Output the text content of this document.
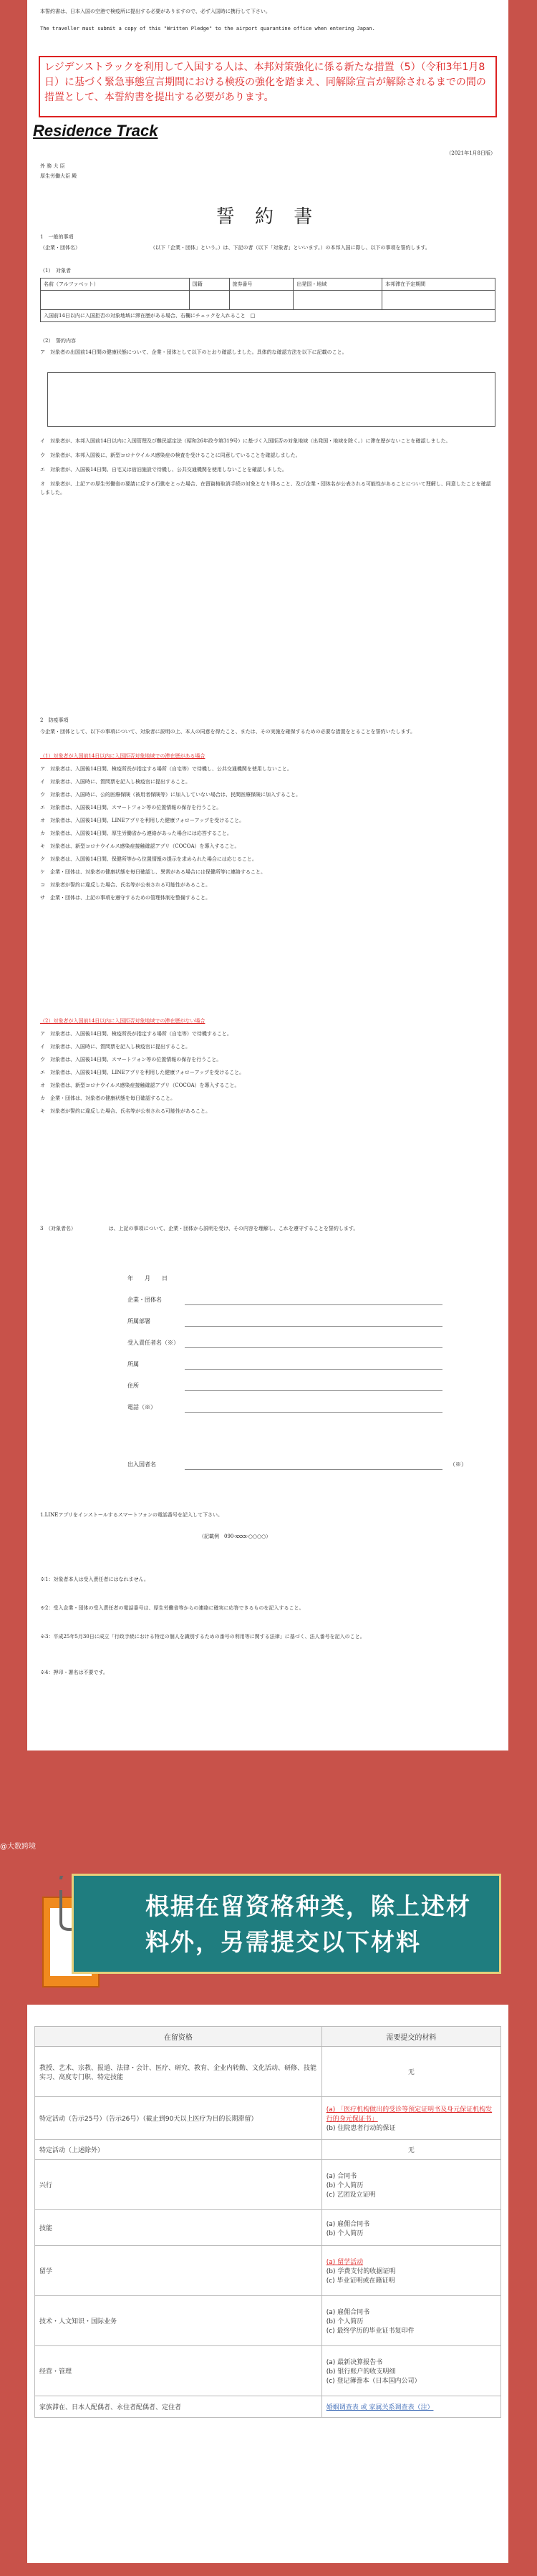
本誓約書は、日本入国の空港で検疫所に提出する必要がありますので、必ず入国時に携行して下さい。
The traveller must submit a copy of this "Written Pledge" to the airport quarantine office when entering Japan.
レジデンストラックを利用して入国する人は、本邦対策強化に係る新たな措置（5）（令和3年1月8日）に基づく緊急事態宣言期間における検疫の強化を踏まえ、同解除宣言が解除されるまでの間の措置として、本誓約書を提出する必要があります。
Residence Track
（2021年1月8日版）
外 務 大 臣
厚生労働大臣 殿
誓 約 書
1　一般的事項
（企業・団体名）　　　　　　　　　　　　　　　（以下「企業・団体」という。）は、下記の者（以下「対象者」といいます。）の本邦入国に際し、以下の事項を誓約します。
（1）　対象者
名前（アルファベット）	国籍	旅券番号	出発国・地域	本邦滞在予定期間

入国前14日以内に入国拒否の対象地域に滞在歴がある場合、右欄にチェックを入れること　□				
（2）　誓約内容
ア　対象者の出国前14日間の健康状態について、企業・団体として以下のとおり確認しました。具体的な確認方法を以下に記載のこと。
イ　対象者が、本邦入国前14日以内に入国管理及び難民認定法（昭和26年政令第319号）に基づく入国拒否の対象地域（出発国・地域を除く。）に滞在歴がないことを確認しました。
ウ　対象者が、本邦入国後に、新型コロナウイルス感染症の検査を受けることに同意していることを確認しました。
エ　対象者が、入国後14日間、自宅又は宿泊施設で待機し、公共交通機関を使用しないことを確認しました。
オ　対象者が、上記アの厚生労働省の要請に反する行動をとった場合、在留資格取消手続の対象となり得ること、及び企業・団体名が公表される可能性があることについて理解し、同意したことを確認しました。
2　防疫事項
今企業・団体として、以下の事項について、対象者に説明の上、本人の同意を得たこと、または、その実施を確保するための必要な措置をとることを誓約いたします。
（1）対象者が入国前14日以内に入国拒否対象地域での滞在歴がある場合
ア　対象者は、入国後14日間、検疫所長が指定する場所（自宅等）で待機し、公共交通機関を使用しないこと。
イ　対象者は、入国時に、質問票を記入し検疫官に提出すること。
ウ　対象者は、入国時に、公的医療保険（被用者保険等）に加入していない場合は、民間医療保険に加入すること。
エ　対象者は、入国後14日間、スマートフォン等の位置情報の保存を行うこと。
オ　対象者は、入国後14日間、LINEアプリを利用した健康フォローアップを受けること。
カ　対象者は、入国後14日間、厚生労働省から連絡があった場合には応答すること。
キ　対象者は、新型コロナウイルス感染症接触確認アプリ（COCOA）を導入すること。
ク　対象者は、入国後14日間、保健所等から位置情報の提示を求められた場合には応じること。
ケ　企業・団体は、対象者の健康状態を毎日確認し、異常がある場合には保健所等に連絡すること。
コ　対象者が誓約に違反した場合、氏名等が公表される可能性があること。
サ　企業・団体は、上記の事項を遵守するための管理体制を整備すること。
（2）対象者が入国前14日以内に入国拒否対象地域での滞在歴がない場合
ア　対象者は、入国後14日間、検疫所長が指定する場所（自宅等）で待機すること。
イ　対象者は、入国時に、質問票を記入し検疫官に提出すること。
ウ　対象者は、入国後14日間、スマートフォン等の位置情報の保存を行うこと。
エ　対象者は、入国後14日間、LINEアプリを利用した健康フォローアップを受けること。
オ　対象者は、新型コロナウイルス感染症接触確認アプリ（COCOA）を導入すること。
カ　企業・団体は、対象者の健康状態を毎日確認すること。
キ　対象者が誓約に違反した場合、氏名等が公表される可能性があること。
3　（対象者名）　　　　　　　は、上記の事項について、企業・団体から説明を受け、その内容を理解し、これを遵守することを誓約します。
年　　月　　日
企業・団体名
所属部署
受入責任者名（※）
所属
住所
電話（※）
出入国者名	（※）
1.LINEアプリをインストールするスマートフォンの電話番号を記入して下さい。
（記載例　090-xxxx-○○○○）
※1：対象者本人は受入責任者にはなれません。
※2：受入企業・団体の受入責任者の電話番号は、厚生労働省等からの連絡に確実に応答できるものを記入すること。
※3：平成25年5月30日に成立「行政手続における特定の個人を識別するための番号の利用等に関する法律」に基づく、法人番号を記入のこと。
※4：押印・署名は不要です。
根据在留资格种类，除上述材料外，另需提交以下材料
@大数跨境
在留资格	需要提交的材料
教授、艺术、宗教、报道、法律・会计、医疗、研究、教育、企业内转勤、文化活动、研修、技能实习、高度专门职、特定技能	无
特定活动（告示25号）（告示26号）（截止到90天以上医疗为目的长期滞留）	(a) 「医疗机构做出的受诊等预定证明书及身元保证机构发行的身元保证书」
(b) 住院患者行动的保证

特定活动（上述除外）	无
兴行	(a) 合同书
(b) 个人简历
(c) 艺团设立证明

技能	(a) 雇佣合同书
(b) 个人简历

留学	(a) 留学活动
(b) 学费支付的收据证明
(c) 毕业证明或在籍证明

技术・人文知识・国际业务	(a) 雇佣合同书
(b) 个人简历
(c) 最终学历的毕业证书复印件

经营・管理	(a) 最新决算报告书
(b) 银行账户的收支明细
(c) 登记簿誊本（日本国内公司）

家族滞在、日本人配偶者、永住者配偶者、定住者	婚姻调查表 或 家属关系调查表（注）
